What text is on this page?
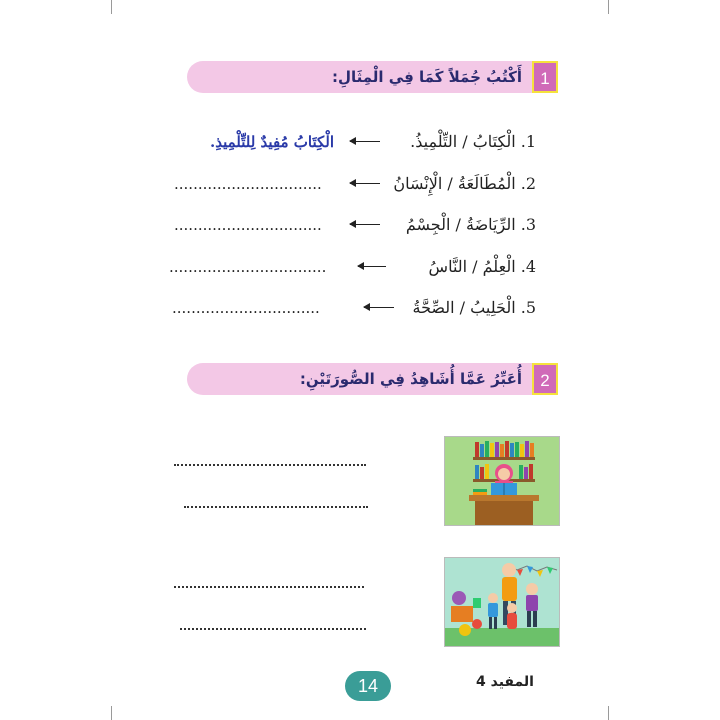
1
أَكْتُبُ جُمَلاً كَمَا فِي الْمِثَالِ:
1. الْكِتَابُ / التِّلْمِيذُ.
الْكِتَابُ مُفِيدٌ لِلتِّلْمِيذِ.
2. الْمُطَالَعَةُ / الْإِنْسَانُ
...............................
3. الرِّيَاضَةُ / الْجِسْمُ
...............................
4. الْعِلْمُ / النَّاسُ
.................................
5. الْحَلِيبُ / الصِّحَّةُ
...............................
2
أُعَبِّرُ عَمَّا أُشَاهِدُ فِي الصُّورَتَيْنِ:
14	المفيد 4
